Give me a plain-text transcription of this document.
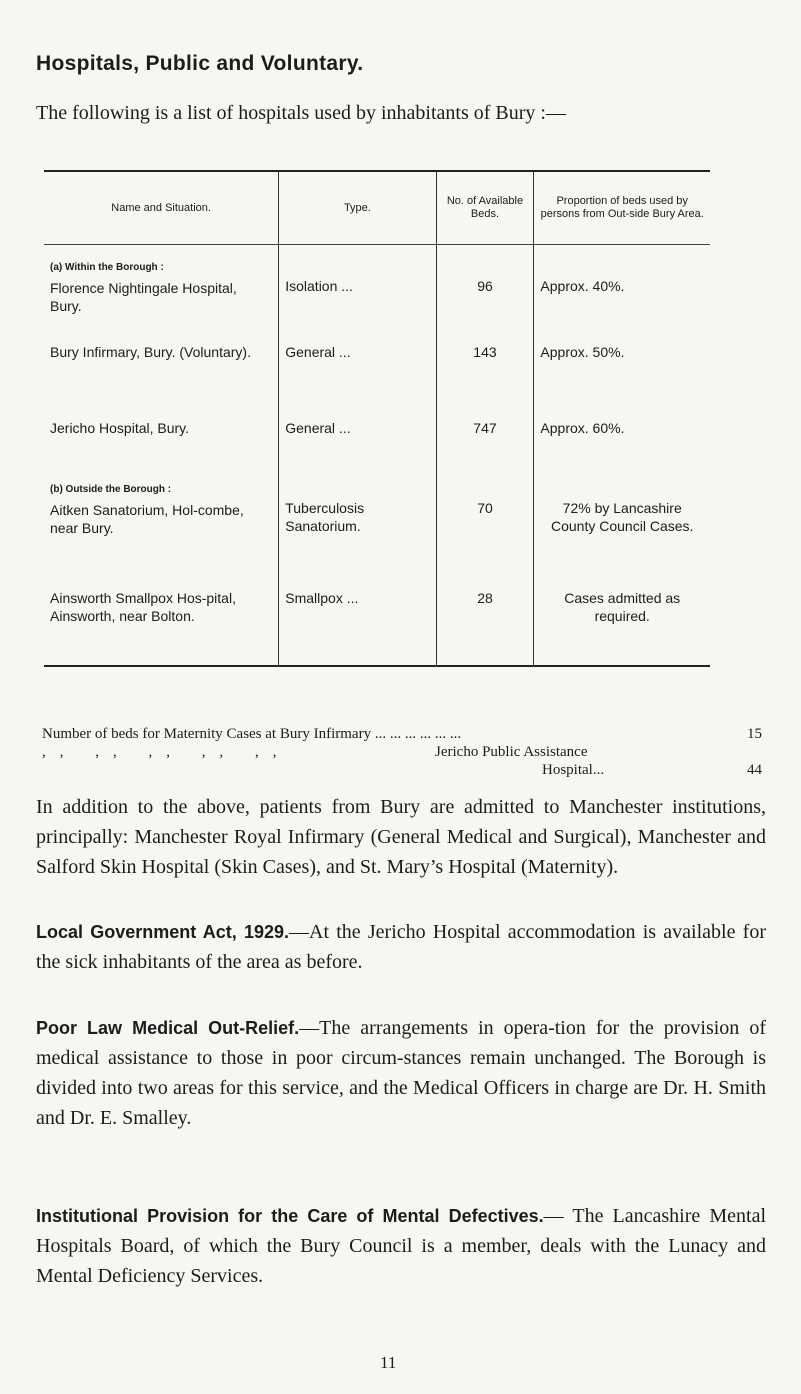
Hospitals, Public and Voluntary.
The following is a list of hospitals used by inhabitants of Bury :—
Name and Situation.	Type.	No. of Available Beds.	Proportion of beds used by persons from Out-side Bury Area.

(a) Within the Borough :
Florence Nightingale Hospital, Bury.	Isolation ...	96	Approx. 40%.
Bury Infirmary, Bury. (Voluntary).	General ...	143	Approx. 50%.
Jericho Hospital, Bury.	General ...	747	Approx. 60%.

(b) Outside the Borough :
Aitken Sanatorium, Hol-combe, near Bury.	Tuberculosis Sanatorium.	70	72% by Lancashire County Council Cases.
Ainsworth Smallpox Hos-pital, Ainsworth, near Bolton.	Smallpox ...	28	Cases admitted as required.
Number of beds for Maternity Cases at Bury Infirmary ... ... ... ... ... ...	15
,, ,, ,, ,, ,,	Jericho Public Assistance
Hospital...	44
In addition to the above, patients from Bury are admitted to Manchester institutions, principally: Manchester Royal Infirmary (General Medical and Surgical), Manchester and Salford Skin Hospital (Skin Cases), and St. Mary’s Hospital (Maternity).
Local Government Act, 1929.—At the Jericho Hospital accommodation is available for the sick inhabitants of the area as before.
Poor Law Medical Out-Relief.—The arrangements in opera-tion for the provision of medical assistance to those in poor circum-stances remain unchanged. The Borough is divided into two areas for this service, and the Medical Officers in charge are Dr. H. Smith and Dr. E. Smalley.
Institutional Provision for the Care of Mental Defectives.— The Lancashire Mental Hospitals Board, of which the Bury Council is a member, deals with the Lunacy and Mental Deficiency Services.
11
